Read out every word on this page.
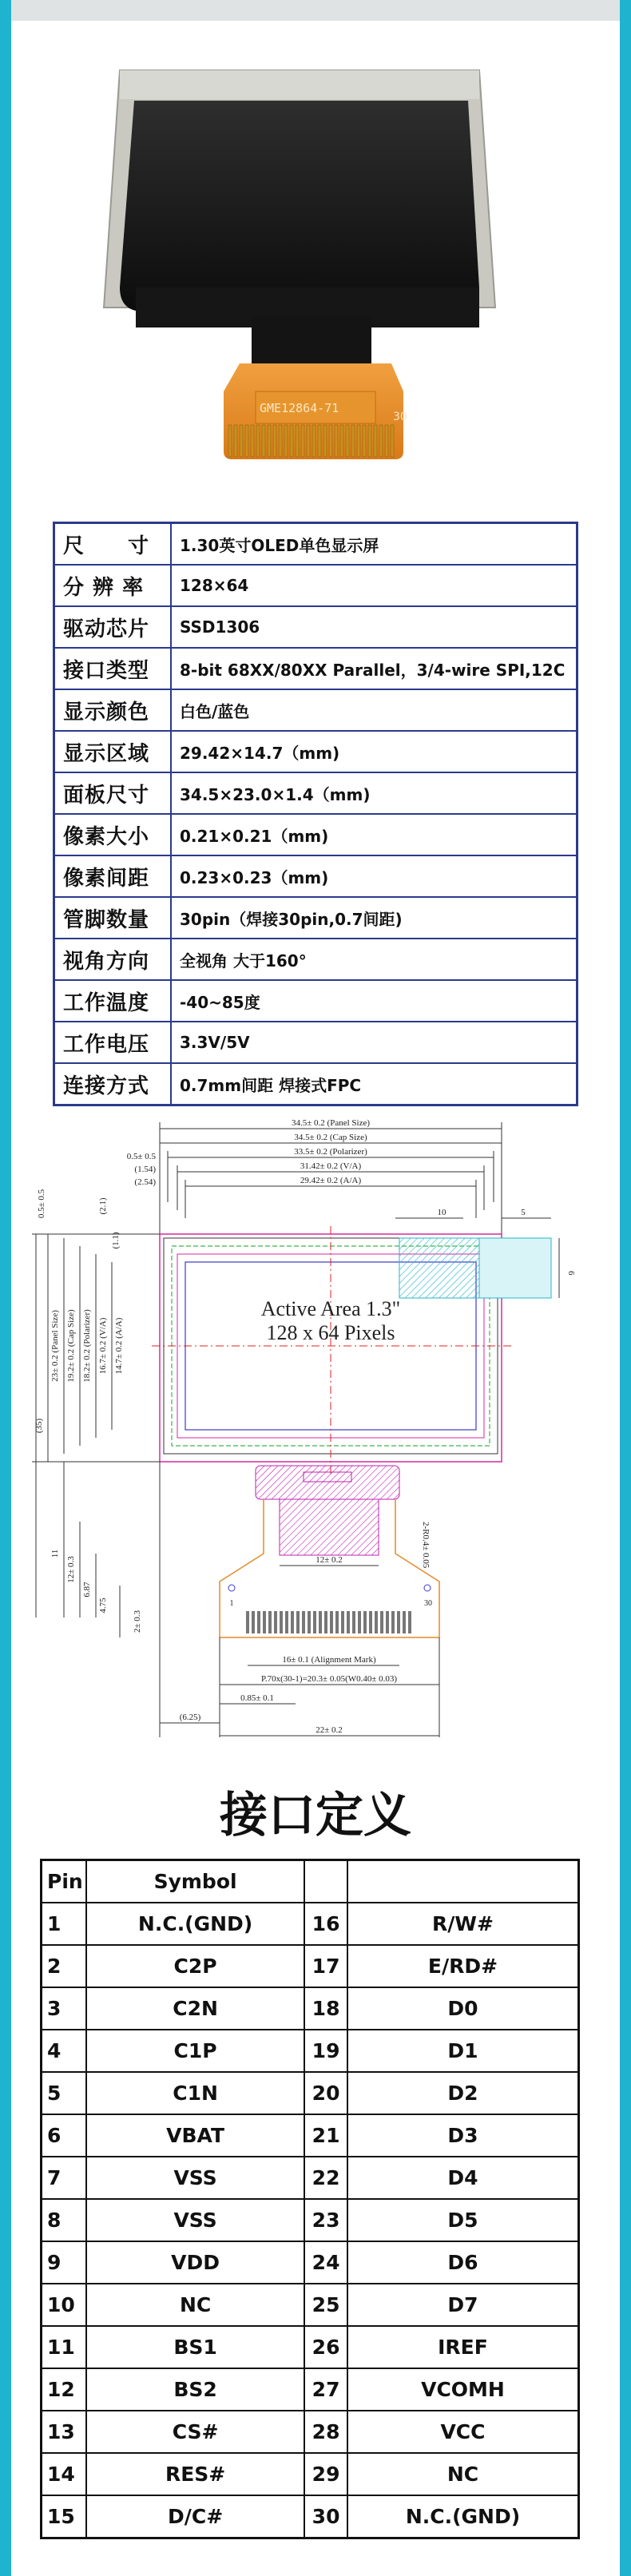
GME12864-71
30
尺　　寸	1.30英寸OLED单色显示屏
分 辨 率	128×64
驱动芯片	SSD1306
接口类型	8-bit 68XX/80XX Parallel，3/4-wire SPI,12C
显示颜色	白色/蓝色
显示区域	29.42×14.7（mm)
面板尺寸	34.5×23.0×1.4（mm)
像素大小	0.21×0.21（mm)
像素间距	0.23×0.23（mm)
管脚数量	30pin（焊接30pin,0.7间距)
视角方向	全视角 大于160°
工作温度	-40~85度
工作电压	3.3V/5V
连接方式	0.7mm间距 焊接式FPC
34.5± 0.2 (Panel Size)
34.5± 0.2 (Cap Size)
33.5± 0.2 (Polarizer)
31.42± 0.2 (V/A)
29.42± 0.2 (A/A)
10	5
0.5± 0.5
(1.54)
(2.54)
6
Active Area 1.3"
128 x 64 Pixels
0.5± 0.5	(2.1)
(1.1)
14.7± 0.2 (A/A)
16.7± 0.2 (V/A)
18.2± 0.2 (Polarizer)
19.2± 0.2 (Cap Size)
23± 0.2 (Panel Size)
(35)
11
12± 0.3
6.87
4.75
2± 0.3
2-R0.4± 0.05
12± 0.2
1	30
16± 0.1 (Alignment Mark)
P.70x(30-1)=20.3± 0.05(W0.40± 0.03)
0.85± 0.1
(6.25)
22± 0.2
接口定义
Pin	Symbol		
1	N.C.(GND)	16	R/W#
2	C2P	17	E/RD#
3	C2N	18	D0
4	C1P	19	D1
5	C1N	20	D2
6	VBAT	21	D3
7	VSS	22	D4
8	VSS	23	D5
9	VDD	24	D6
10	NC	25	D7
11	BS1	26	IREF
12	BS2	27	VCOMH
13	CS#	28	VCC
14	RES#	29	NC
15	D/C#	30	N.C.(GND)
